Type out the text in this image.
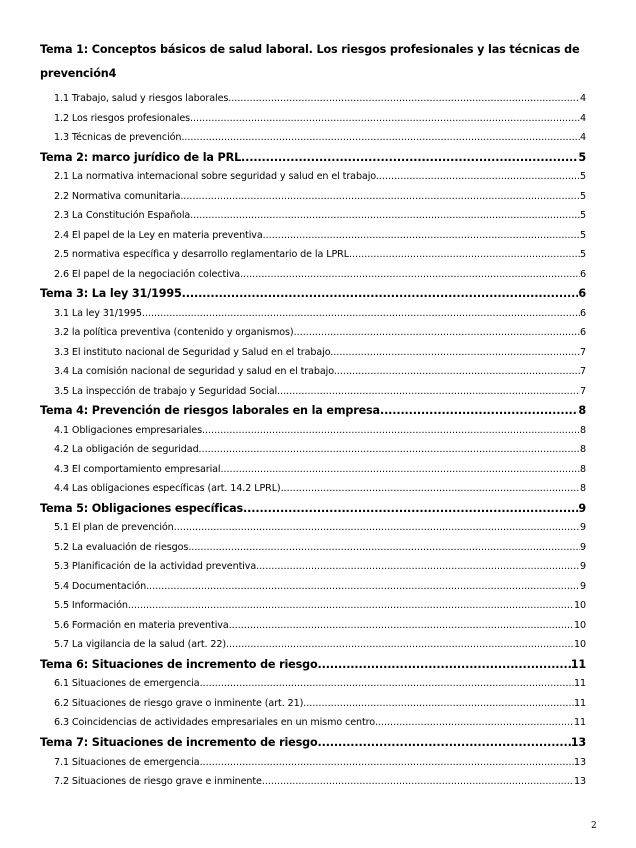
Tema 1: Conceptos básicos de salud laboral. Los riesgos profesionales y las técnicas de
prevención 4
1.1 Trabajo, salud y riesgos laborales. .....	4
1.2 Los riesgos profesionales. .....	4
1.3 Técnicas de prevención. .....	4
Tema 2: marco jurídico de la PRL. .....	5
2.1 La normativa internacional sobre seguridad y salud en el trabajo. .....	5
2.2 Normativa comunitaria. .....	5
2.3 La Constitución Española. .....	5
2.4 El papel de la Ley en materia preventiva. .....	5
2.5 normativa específica y desarrollo reglamentario de la LPRL .....	5
2.6 El papel de la negociación colectiva. .....	6
Tema 3: La ley 31/1995. .....	6
3.1 La ley 31/1995. .....	6
3.2 la política preventiva (contenido y organismos) .....	6
3.3 El instituto nacional de Seguridad y Salud en el trabajo. .....	7
3.4 La comisión nacional de seguridad y salud en el trabajo. .....	7
3.5 La inspección de trabajo y Seguridad Social. .....	7
Tema 4: Prevención de riesgos laborales en la empresa. .....	8
4.1 Obligaciones empresariales. .....	8
4.2 La obligación de seguridad. .....	8
4.3 El comportamiento empresarial. .....	8
4.4 Las obligaciones específicas (art. 14.2 LPRL). .....	8
Tema 5: Obligaciones específicas .....	9
5.1 El plan de prevención .....	9
5.2 La evaluación de riesgos. .....	9
5.3 Planificación de la actividad preventiva. .....	9
5.4 Documentación. .....	9
5.5 Información. .....	10
5.6 Formación en materia preventiva. .....	10
5.7 La vigilancia de la salud (art. 22). .....	10
Tema 6: Situaciones de incremento de riesgo .....	11
6.1 Situaciones de emergencia. .....	11
6.2 Situaciones de riesgo grave o inminente (art. 21). .....	11
6.3 Coincidencias de actividades empresariales en un mismo centro. .....	11
Tema 7: Situaciones de incremento de riesgo .....	13
7.1 Situaciones de emergencia. .....	13
7.2 Situaciones de riesgo grave e inminente. .....	13
2
